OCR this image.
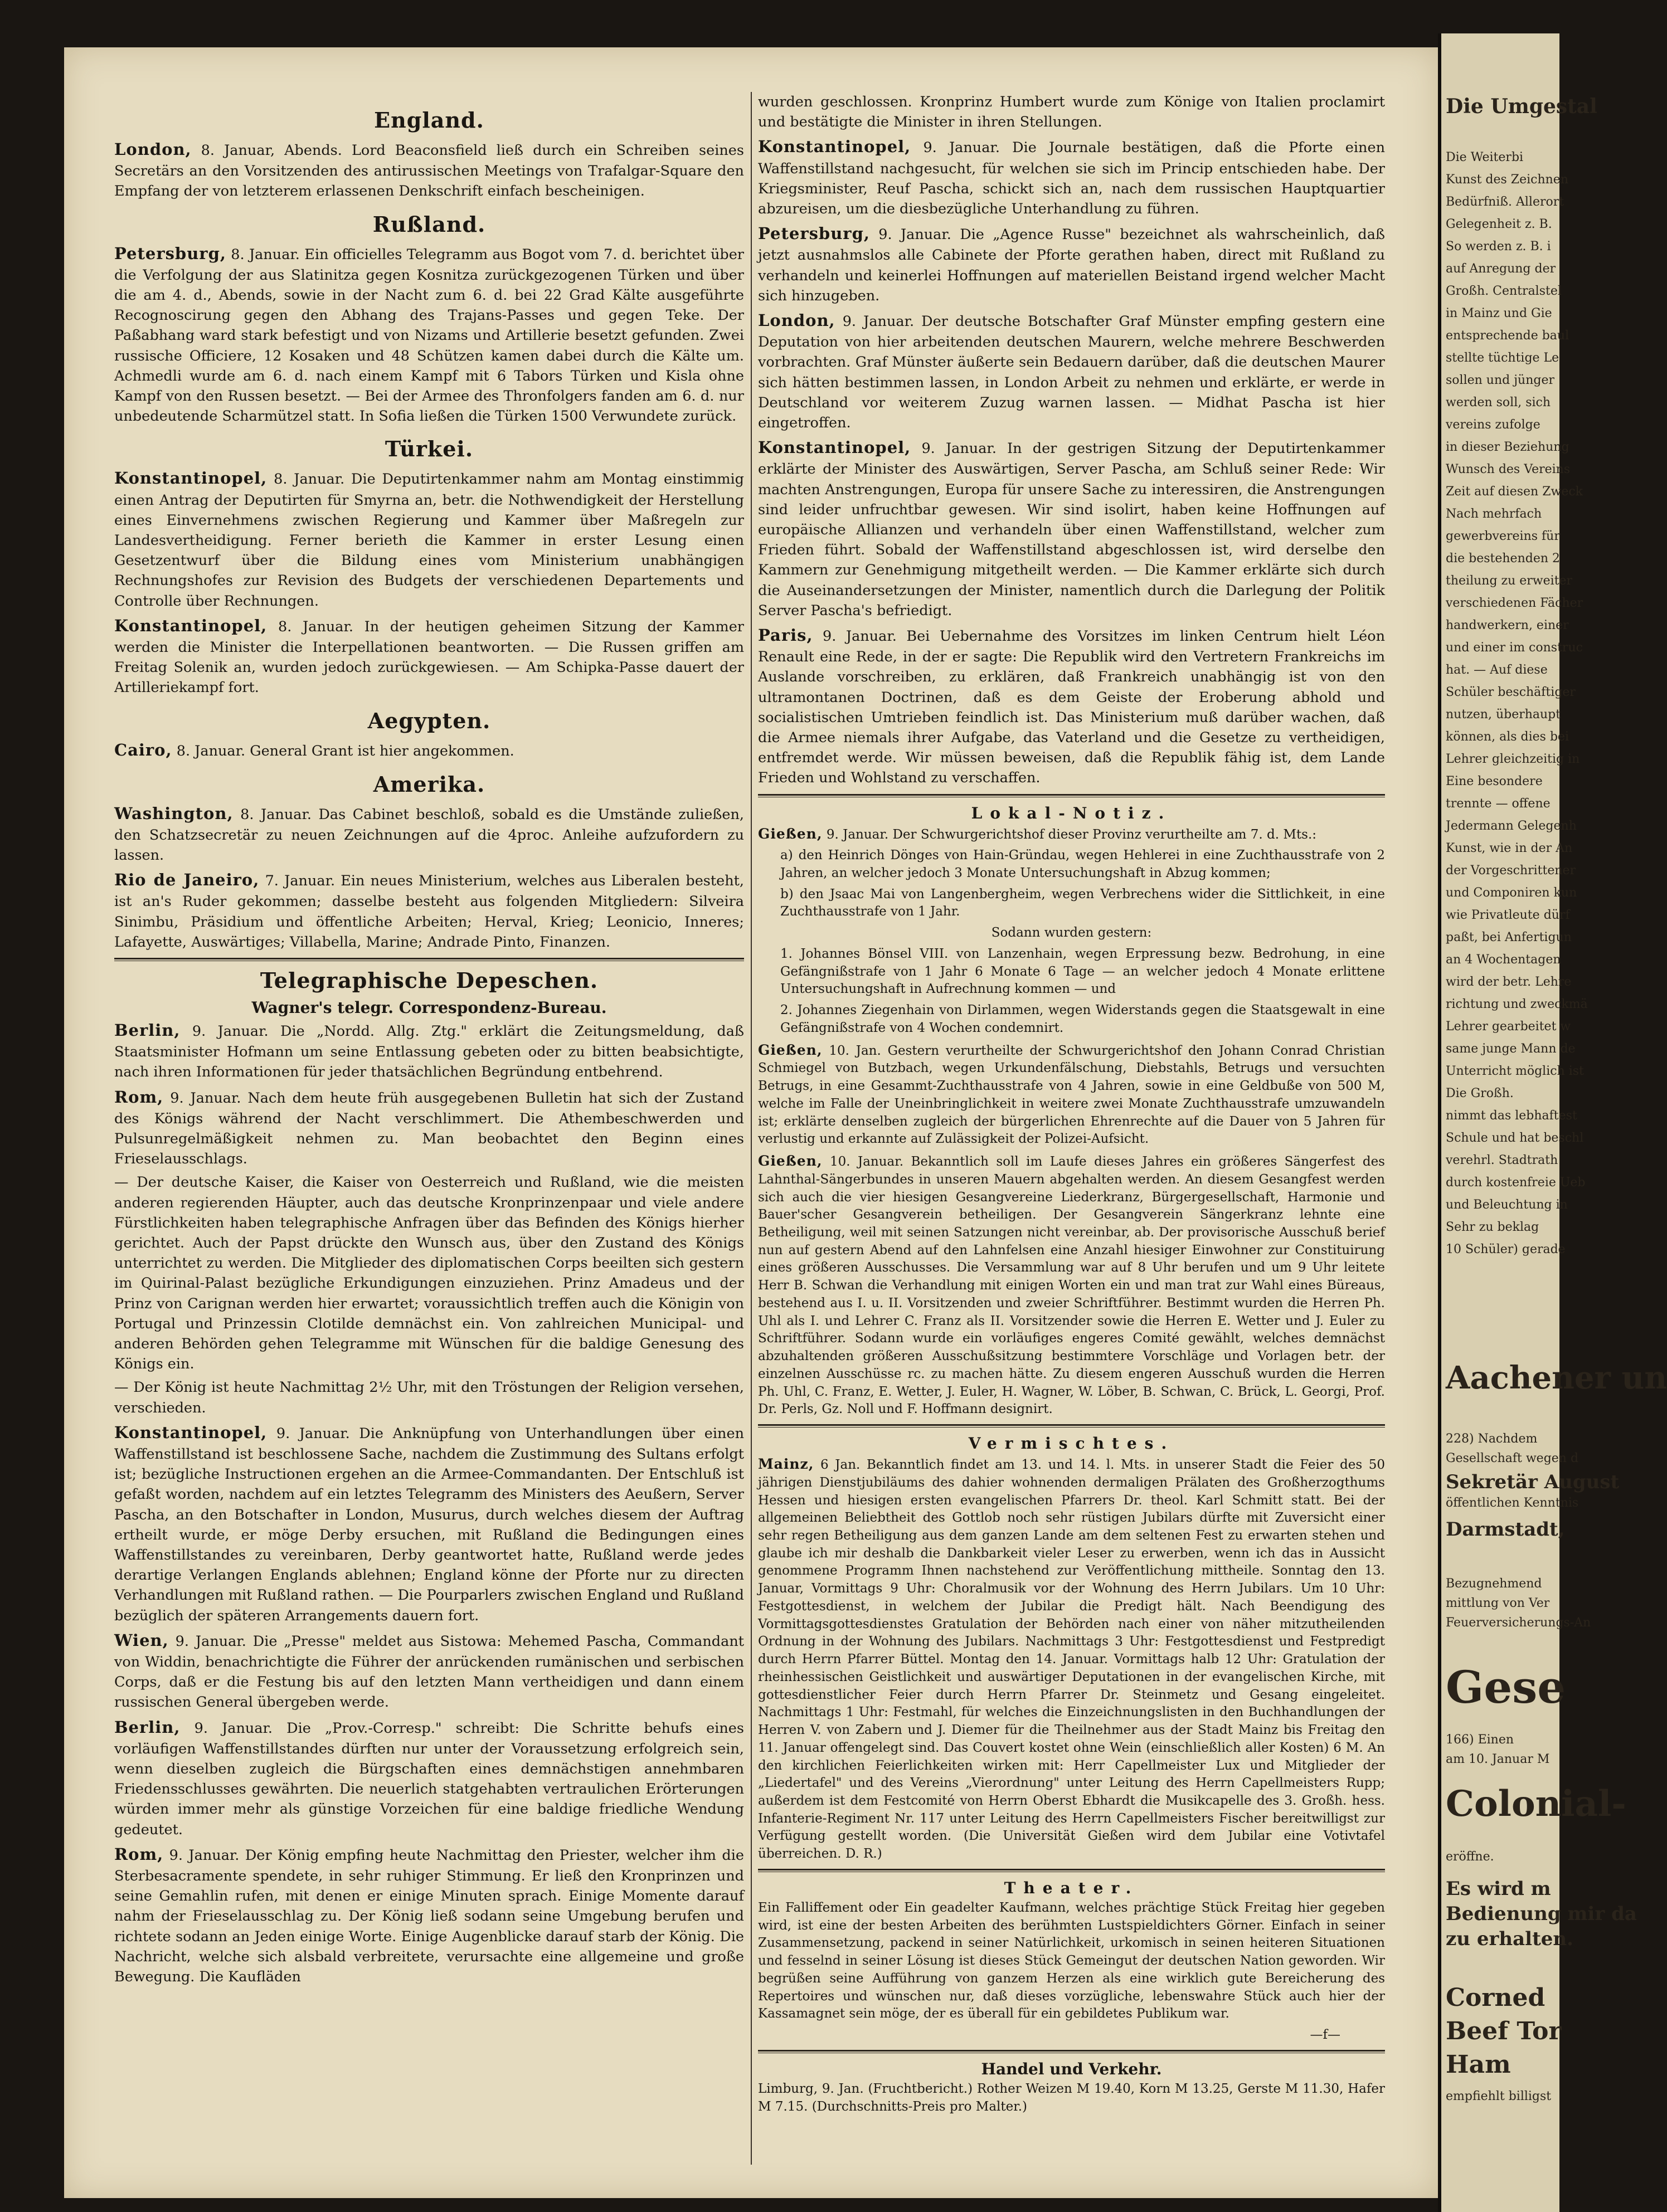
England.

London, 8. Januar, Abends. Lord Beaconsfield ließ durch ein Schreiben seines Secretärs an den Vorsitzenden des antirussischen Meetings von Trafalgar-Square den Empfang der von letzterem erlassenen Denkschrift einfach bescheinigen.

Rußland.

Petersburg, 8. Januar. Ein officielles Telegramm aus Bogot vom 7. d. berichtet über die Verfolgung der aus Slatinitza gegen Kosnitza zurückgezogenen Türken und über die am 4. d., Abends, sowie in der Nacht zum 6. d. bei 22 Grad Kälte ausgeführte Recognoscirung gegen den Abhang des Trajans-Passes und gegen Teke. Der Paßabhang ward stark befestigt und von Nizams und Artillerie besetzt gefunden. Zwei russische Officiere, 12 Kosaken und 48 Schützen kamen dabei durch die Kälte um. Achmedli wurde am 6. d. nach einem Kampf mit 6 Tabors Türken und Kisla ohne Kampf von den Russen besetzt. — Bei der Armee des Thronfolgers fanden am 6. d. nur unbedeutende Scharmützel statt. In Sofia ließen die Türken 1500 Verwundete zurück.

Türkei.

Konstantinopel, 8. Januar. Die Deputirtenkammer nahm am Montag einstimmig einen Antrag der Deputirten für Smyrna an, betr. die Nothwendigkeit der Herstellung eines Einvernehmens zwischen Regierung und Kammer über Maßregeln zur Landesvertheidigung. Ferner berieth die Kammer in erster Lesung einen Gesetzentwurf über die Bildung eines vom Ministerium unabhängigen Rechnungshofes zur Revision des Budgets der verschiedenen Departements und Controlle über Rechnungen.

Konstantinopel, 8. Januar. In der heutigen geheimen Sitzung der Kammer werden die Minister die Interpellationen beantworten. — Die Russen griffen am Freitag Solenik an, wurden jedoch zurückgewiesen. — Am Schipka-Passe dauert der Artilleriekampf fort.

Aegypten.

Cairo, 8. Januar. General Grant ist hier angekommen.

Amerika.

Washington, 8. Januar. Das Cabinet beschloß, sobald es die Umstände zuließen, den Schatzsecretär zu neuen Zeichnungen auf die 4proc. Anleihe aufzufordern zu lassen.

Rio de Janeiro, 7. Januar. Ein neues Ministerium, welches aus Liberalen besteht, ist an's Ruder gekommen; dasselbe besteht aus folgenden Mitgliedern: Silveira Sinimbu, Präsidium und öffentliche Arbeiten; Herval, Krieg; Leonicio, Inneres; Lafayette, Auswärtiges; Villabella, Marine; Andrade Pinto, Finanzen.

Telegraphische Depeschen.
Wagner's telegr. Correspondenz-Bureau.

Berlin, 9. Januar. Die „Nordd. Allg. Ztg." erklärt die Zeitungsmeldung, daß Staatsminister Hofmann um seine Entlassung gebeten oder zu bitten beabsichtigte, nach ihren Informationen für jeder thatsächlichen Begründung entbehrend.

Rom, 9. Januar. Nach dem heute früh ausgegebenen Bulletin hat sich der Zustand des Königs während der Nacht verschlimmert. Die Athembeschwerden und Pulsunregelmäßigkeit nehmen zu. Man beobachtet den Beginn eines Frieselausschlags.

— Der deutsche Kaiser, die Kaiser von Oesterreich und Rußland, wie die meisten anderen regierenden Häupter, auch das deutsche Kronprinzenpaar und viele andere Fürstlichkeiten haben telegraphische Anfragen über das Befinden des Königs hierher gerichtet. Auch der Papst drückte den Wunsch aus, über den Zustand des Königs unterrichtet zu werden. Die Mitglieder des diplomatischen Corps beeilten sich gestern im Quirinal-Palast bezügliche Erkundigungen einzuziehen. Prinz Amadeus und der Prinz von Carignan werden hier erwartet; voraussichtlich treffen auch die Königin von Portugal und Prinzessin Clotilde demnächst ein. Von zahlreichen Municipal- und anderen Behörden gehen Telegramme mit Wünschen für die baldige Genesung des Königs ein.

— Der König ist heute Nachmittag 2½ Uhr, mit den Tröstungen der Religion versehen, verschieden.

Konstantinopel, 9. Januar. Die Anknüpfung von Unterhandlungen über einen Waffenstillstand ist beschlossene Sache, nachdem die Zustimmung des Sultans erfolgt ist; bezügliche Instructionen ergehen an die Armee-Commandanten. Der Entschluß ist gefaßt worden, nachdem auf ein letztes Telegramm des Ministers des Aeußern, Server Pascha, an den Botschafter in London, Musurus, durch welches diesem der Auftrag ertheilt wurde, er möge Derby ersuchen, mit Rußland die Bedingungen eines Waffenstillstandes zu vereinbaren, Derby geantwortet hatte, Rußland werde jedes derartige Verlangen Englands ablehnen; England könne der Pforte nur zu directen Verhandlungen mit Rußland rathen. — Die Pourparlers zwischen England und Rußland bezüglich der späteren Arrangements dauern fort.

Wien, 9. Januar. Die „Presse" meldet aus Sistowa: Mehemed Pascha, Commandant von Widdin, benachrichtigte die Führer der anrückenden rumänischen und serbischen Corps, daß er die Festung bis auf den letzten Mann vertheidigen und dann einem russischen General übergeben werde.

Berlin, 9. Januar. Die „Prov.-Corresp." schreibt: Die Schritte behufs eines vorläufigen Waffenstillstandes dürften nur unter der Voraussetzung erfolgreich sein, wenn dieselben zugleich die Bürgschaften eines demnächstigen annehmbaren Friedensschlusses gewährten. Die neuerlich statgehabten vertraulichen Erörterungen würden immer mehr als günstige Vorzeichen für eine baldige friedliche Wendung gedeutet.

Rom, 9. Januar. Der König empfing heute Nachmittag den Priester, welcher ihm die Sterbesacramente spendete, in sehr ruhiger Stimmung. Er ließ den Kronprinzen und seine Gemahlin rufen, mit denen er einige Minuten sprach. Einige Momente darauf nahm der Frieselausschlag zu. Der König ließ sodann seine Umgebung berufen und richtete sodann an Jeden einige Worte. Einige Augenblicke darauf starb der König. Die Nachricht, welche sich alsbald verbreitete, verursachte eine allgemeine und große Bewegung. Die Kaufläden

wurden geschlossen. Kronprinz Humbert wurde zum Könige von Italien proclamirt und bestätigte die Minister in ihren Stellungen.

Konstantinopel, 9. Januar. Die Journale bestätigen, daß die Pforte einen Waffenstillstand nachgesucht, für welchen sie sich im Princip entschieden habe. Der Kriegsminister, Reuf Pascha, schickt sich an, nach dem russischen Hauptquartier abzureisen, um die diesbezügliche Unterhandlung zu führen.

Petersburg, 9. Januar. Die „Agence Russe" bezeichnet als wahrscheinlich, daß jetzt ausnahmslos alle Cabinete der Pforte gerathen haben, direct mit Rußland zu verhandeln und keinerlei Hoffnungen auf materiellen Beistand irgend welcher Macht sich hinzugeben.

London, 9. Januar. Der deutsche Botschafter Graf Münster empfing gestern eine Deputation von hier arbeitenden deutschen Maurern, welche mehrere Beschwerden vorbrachten. Graf Münster äußerte sein Bedauern darüber, daß die deutschen Maurer sich hätten bestimmen lassen, in London Arbeit zu nehmen und erklärte, er werde in Deutschland vor weiterem Zuzug warnen lassen. — Midhat Pascha ist hier eingetroffen.

Konstantinopel, 9. Januar. In der gestrigen Sitzung der Deputirtenkammer erklärte der Minister des Auswärtigen, Server Pascha, am Schluß seiner Rede: Wir machten Anstrengungen, Europa für unsere Sache zu interessiren, die Anstrengungen sind leider unfruchtbar gewesen. Wir sind isolirt, haben keine Hoffnungen auf europäische Allianzen und verhandeln über einen Waffenstillstand, welcher zum Frieden führt. Sobald der Waffenstillstand abgeschlossen ist, wird derselbe den Kammern zur Genehmigung mitgetheilt werden. — Die Kammer erklärte sich durch die Auseinandersetzungen der Minister, namentlich durch die Darlegung der Politik Server Pascha's befriedigt.

Paris, 9. Januar. Bei Uebernahme des Vorsitzes im linken Centrum hielt Léon Renault eine Rede, in der er sagte: Die Republik wird den Vertretern Frankreichs im Auslande vorschreiben, zu erklären, daß Frankreich unabhängig ist von den ultramontanen Doctrinen, daß es dem Geiste der Eroberung abhold und socialistischen Umtrieben feindlich ist. Das Ministerium muß darüber wachen, daß die Armee niemals ihrer Aufgabe, das Vaterland und die Gesetze zu vertheidigen, entfremdet werde. Wir müssen beweisen, daß die Republik fähig ist, dem Lande Frieden und Wohlstand zu verschaffen.

Lokal-Notiz.

Gießen, 9. Januar. Der Schwurgerichtshof dieser Provinz verurtheilte am 7. d. Mts.:

a) den Heinrich Dönges von Hain-Gründau, wegen Hehlerei in eine Zuchthausstrafe von 2 Jahren, an welcher jedoch 3 Monate Untersuchungshaft in Abzug kommen;

b) den Jsaac Mai von Langenbergheim, wegen Verbrechens wider die Sittlichkeit, in eine Zuchthausstrafe von 1 Jahr.

Sodann wurden gestern:

1. Johannes Bönsel VIII. von Lanzenhain, wegen Erpressung bezw. Bedrohung, in eine Gefängnißstrafe von 1 Jahr 6 Monate 6 Tage — an welcher jedoch 4 Monate erlittene Untersuchungshaft in Aufrechnung kommen — und

2. Johannes Ziegenhain von Dirlammen, wegen Widerstands gegen die Staatsgewalt in eine Gefängnißstrafe von 4 Wochen condemnirt.

Gießen, 10. Jan. Gestern verurtheilte der Schwurgerichtshof den Johann Conrad Christian Schmiegel von Butzbach, wegen Urkundenfälschung, Diebstahls, Betrugs und versuchten Betrugs, in eine Gesammt-Zuchthausstrafe von 4 Jahren, sowie in eine Geldbuße von 500 M, welche im Falle der Uneinbringlichkeit in weitere zwei Monate Zuchthausstrafe umzuwandeln ist; erklärte denselben zugleich der bürgerlichen Ehrenrechte auf die Dauer von 5 Jahren für verlustig und erkannte auf Zulässigkeit der Polizei-Aufsicht.

Gießen, 10. Januar. Bekanntlich soll im Laufe dieses Jahres ein größeres Sängerfest des Lahnthal-Sängerbundes in unseren Mauern abgehalten werden. An diesem Gesangfest werden sich auch die vier hiesigen Gesangvereine Liederkranz, Bürgergesellschaft, Harmonie und Bauer'scher Gesangverein betheiligen. Der Gesangverein Sängerkranz lehnte eine Betheiligung, weil mit seinen Satzungen nicht vereinbar, ab. Der provisorische Ausschuß berief nun auf gestern Abend auf den Lahnfelsen eine Anzahl hiesiger Einwohner zur Constituirung eines größeren Ausschusses. Die Versammlung war auf 8 Uhr berufen und um 9 Uhr leitete Herr B. Schwan die Verhandlung mit einigen Worten ein und man trat zur Wahl eines Büreaus, bestehend aus I. u. II. Vorsitzenden und zweier Schriftführer. Bestimmt wurden die Herren Ph. Uhl als I. und Lehrer C. Franz als II. Vorsitzender sowie die Herren E. Wetter und J. Euler zu Schriftführer. Sodann wurde ein vorläufiges engeres Comité gewählt, welches demnächst abzuhaltenden größeren Ausschußsitzung bestimmtere Vorschläge und Vorlagen betr. der einzelnen Ausschüsse rc. zu machen hätte. Zu diesem engeren Ausschuß wurden die Herren Ph. Uhl, C. Franz, E. Wetter, J. Euler, H. Wagner, W. Löber, B. Schwan, C. Brück, L. Georgi, Prof. Dr. Perls, Gz. Noll und F. Hoffmann designirt.

Vermischtes.

Mainz, 6 Jan. Bekanntlich findet am 13. und 14. l. Mts. in unserer Stadt die Feier des 50 jährigen Dienstjubiläums des dahier wohnenden dermaligen Prälaten des Großherzogthums Hessen und hiesigen ersten evangelischen Pfarrers Dr. theol. Karl Schmitt statt. Bei der allgemeinen Beliebtheit des Gottlob noch sehr rüstigen Jubilars dürfte mit Zuversicht einer sehr regen Betheiligung aus dem ganzen Lande am dem seltenen Fest zu erwarten stehen und glaube ich mir deshalb die Dankbarkeit vieler Leser zu erwerben, wenn ich das in Aussicht genommene Programm Ihnen nachstehend zur Veröffentlichung mittheile. Sonntag den 13. Januar, Vormittags 9 Uhr: Choralmusik vor der Wohnung des Herrn Jubilars. Um 10 Uhr: Festgottesdienst, in welchem der Jubilar die Predigt hält. Nach Beendigung des Vormittagsgottesdienstes Gratulation der Behörden nach einer von näher mitzutheilenden Ordnung in der Wohnung des Jubilars. Nachmittags 3 Uhr: Festgottesdienst und Festpredigt durch Herrn Pfarrer Büttel. Montag den 14. Januar. Vormittags halb 12 Uhr: Gratulation der rheinhessischen Geistlichkeit und auswärtiger Deputationen in der evangelischen Kirche, mit gottesdienstlicher Feier durch Herrn Pfarrer Dr. Steinmetz und Gesang eingeleitet. Nachmittags 1 Uhr: Festmahl, für welches die Einzeichnungslisten in den Buchhandlungen der Herren V. von Zabern und J. Diemer für die Theilnehmer aus der Stadt Mainz bis Freitag den 11. Januar offengelegt sind. Das Couvert kostet ohne Wein (einschließlich aller Kosten) 6 M. An den kirchlichen Feierlichkeiten wirken mit: Herr Capellmeister Lux und Mitglieder der „Liedertafel" und des Vereins „Vierordnung" unter Leitung des Herrn Capellmeisters Rupp; außerdem ist dem Festcomité von Herrn Oberst Ebhardt die Musikcapelle des 3. Großh. hess. Infanterie-Regiment Nr. 117 unter Leitung des Herrn Capellmeisters Fischer bereitwilligst zur Verfügung gestellt worden. (Die Universität Gießen wird dem Jubilar eine Votivtafel überreichen. D. R.)

Theater.

Ein Falliffement oder Ein geadelter Kaufmann, welches prächtige Stück Freitag hier gegeben wird, ist eine der besten Arbeiten des berühmten Lustspieldichters Görner. Einfach in seiner Zusammensetzung, packend in seiner Natürlichkeit, urkomisch in seinen heiteren Situationen und fesselnd in seiner Lösung ist dieses Stück Gemeingut der deutschen Nation geworden. Wir begrüßen seine Aufführung von ganzem Herzen als eine wirklich gute Bereicherung des Repertoires und wünschen nur, daß dieses vorzügliche, lebenswahre Stück auch hier der Kassamagnet sein möge, der es überall für ein gebildetes Publikum war.

—f—

Handel und Verkehr.

Limburg, 9. Jan. (Fruchtbericht.) Rother Weizen M 19.40, Korn M 13.25, Gerste M 11.30, Hafer M 7.15. (Durchschnitts-Preis pro Malter.)

Die Umgestal
Die Weiterbi
Kunst des Zeichnen
Bedürfniß. Allerort
Gelegenheit z. B.
So werden z. B. i
auf Anregung der
Großh. Centralstel
in Mainz und Gie
entsprechende baul
stellte tüchtige Le
sollen und jünger
werden soll, sich
vereins zufolge
in dieser Beziehung
Wunsch des Vereins
Zeit auf diesen Zweck
Nach mehrfach
gewerbvereins für
die bestehenden 2
theilung zu erweiter
verschiedenen Fächer
handwerkern, einer
und einer im construc
hat. — Auf diese
Schüler beschäftiger
nutzen, überhaupt
können, als dies bei
Lehrer gleichzeitig in
Eine besondere
trennte — offene
Jedermann Gelegenh
Kunst, wie in der An
der Vorgeschrittener
und Componiren kun
wie Privatleute dürf
paßt, bei Anfertigun
an 4 Wochentagen
wird der betr. Lehre
richtung und zweckmä
Lehrer gearbeitet w
same junge Mann de
Unterricht möglich ist
Die Großh.
nimmt das lebhaftest
Schule und hat beschl
verehrl. Stadtrath
durch kostenfreie Ueb
und Beleuchtung in
Sehr zu beklag
10 Schüler) gerade
Aachener un
228) Nachdem
Gesellschaft wegen d
Sekretär August
öffentlichen Kenntnis
Darmstadt,
Bezugnehmend
mittlung von Ver
Feuerversicherungs-An
Gese
166) Einen
am 10. Januar M
Colonial-
eröffne.
Es wird m
Bedienung mir da
zu erhalten.
Corned
Beef Tor
Ham
empfiehlt billigst
